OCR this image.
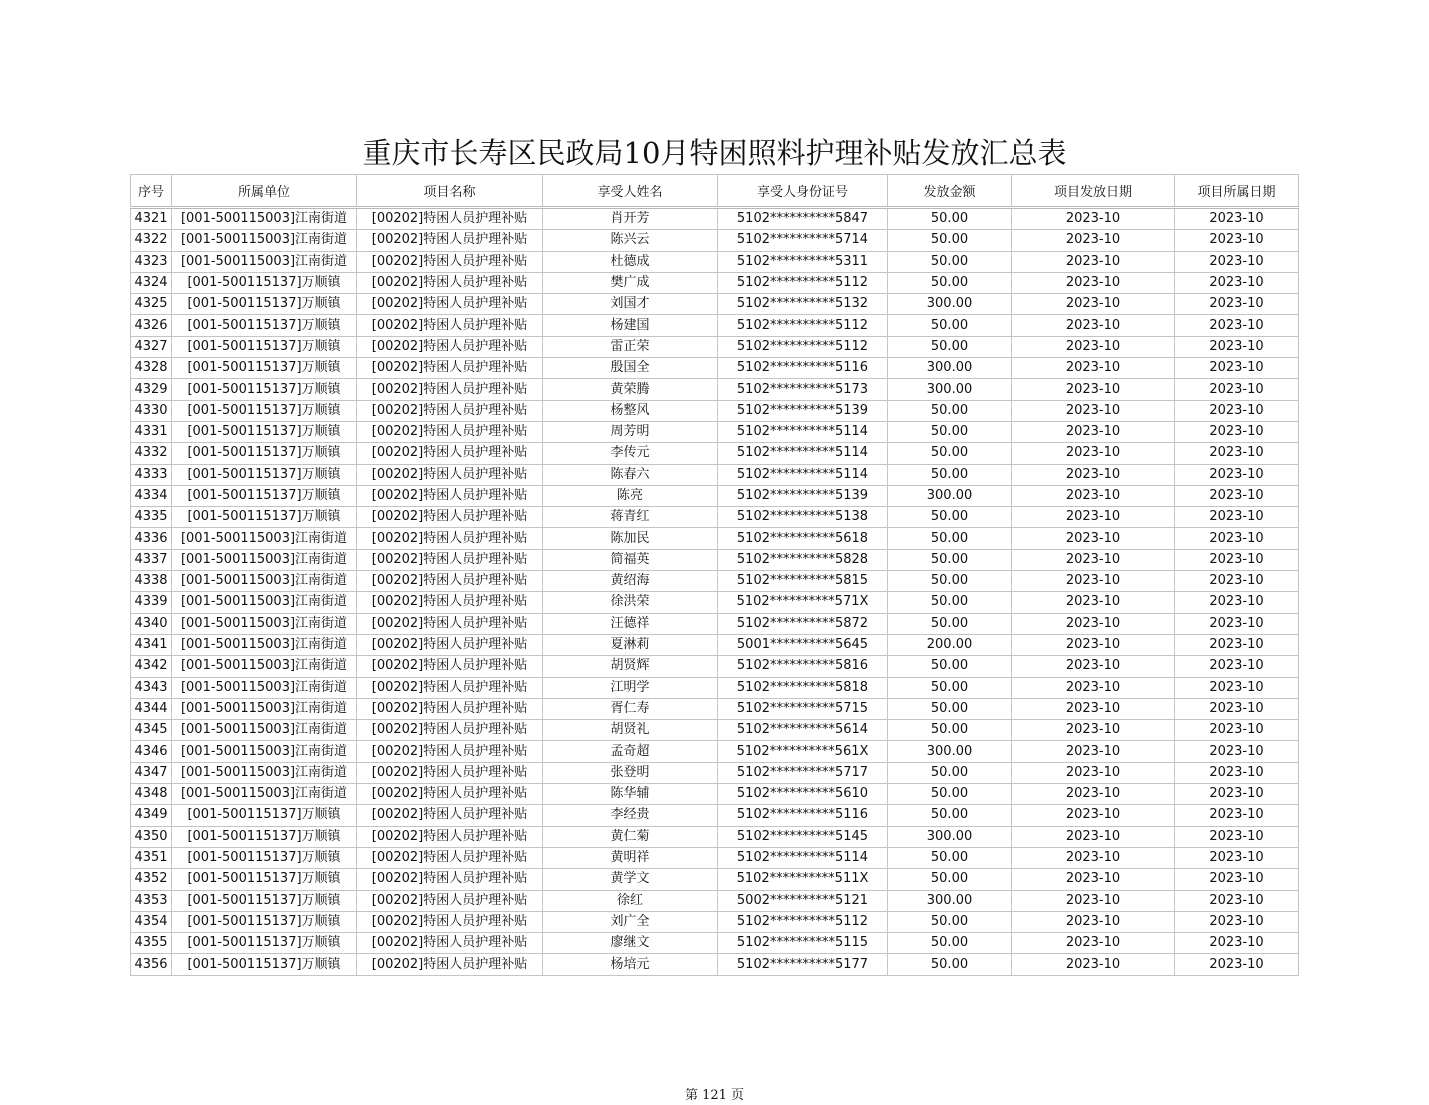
重庆市长寿区民政局10月特困照料护理补贴发放汇总表
序号	所属单位	项目名称	享受人姓名	享受人身份证号	发放金额	项目发放日期	项目所属日期
4321	[001-500115003]江南街道	[00202]特困人员护理补贴	肖开芳	5102**********5847	50.00	2023-10	2023-10
4322	[001-500115003]江南街道	[00202]特困人员护理补贴	陈兴云	5102**********5714	50.00	2023-10	2023-10
4323	[001-500115003]江南街道	[00202]特困人员护理补贴	杜德成	5102**********5311	50.00	2023-10	2023-10
4324	[001-500115137]万顺镇	[00202]特困人员护理补贴	樊广成	5102**********5112	50.00	2023-10	2023-10
4325	[001-500115137]万顺镇	[00202]特困人员护理补贴	刘国才	5102**********5132	300.00	2023-10	2023-10
4326	[001-500115137]万顺镇	[00202]特困人员护理补贴	杨建国	5102**********5112	50.00	2023-10	2023-10
4327	[001-500115137]万顺镇	[00202]特困人员护理补贴	雷正荣	5102**********5112	50.00	2023-10	2023-10
4328	[001-500115137]万顺镇	[00202]特困人员护理补贴	殷国全	5102**********5116	300.00	2023-10	2023-10
4329	[001-500115137]万顺镇	[00202]特困人员护理补贴	黄荣腾	5102**********5173	300.00	2023-10	2023-10
4330	[001-500115137]万顺镇	[00202]特困人员护理补贴	杨整风	5102**********5139	50.00	2023-10	2023-10
4331	[001-500115137]万顺镇	[00202]特困人员护理补贴	周芳明	5102**********5114	50.00	2023-10	2023-10
4332	[001-500115137]万顺镇	[00202]特困人员护理补贴	李传元	5102**********5114	50.00	2023-10	2023-10
4333	[001-500115137]万顺镇	[00202]特困人员护理补贴	陈春六	5102**********5114	50.00	2023-10	2023-10
4334	[001-500115137]万顺镇	[00202]特困人员护理补贴	陈亮	5102**********5139	300.00	2023-10	2023-10
4335	[001-500115137]万顺镇	[00202]特困人员护理补贴	蒋青红	5102**********5138	50.00	2023-10	2023-10
4336	[001-500115003]江南街道	[00202]特困人员护理补贴	陈加民	5102**********5618	50.00	2023-10	2023-10
4337	[001-500115003]江南街道	[00202]特困人员护理补贴	简福英	5102**********5828	50.00	2023-10	2023-10
4338	[001-500115003]江南街道	[00202]特困人员护理补贴	黄绍海	5102**********5815	50.00	2023-10	2023-10
4339	[001-500115003]江南街道	[00202]特困人员护理补贴	徐洪荣	5102**********571X	50.00	2023-10	2023-10
4340	[001-500115003]江南街道	[00202]特困人员护理补贴	汪德祥	5102**********5872	50.00	2023-10	2023-10
4341	[001-500115003]江南街道	[00202]特困人员护理补贴	夏淋莉	5001**********5645	200.00	2023-10	2023-10
4342	[001-500115003]江南街道	[00202]特困人员护理补贴	胡贤辉	5102**********5816	50.00	2023-10	2023-10
4343	[001-500115003]江南街道	[00202]特困人员护理补贴	江明学	5102**********5818	50.00	2023-10	2023-10
4344	[001-500115003]江南街道	[00202]特困人员护理补贴	胥仁寿	5102**********5715	50.00	2023-10	2023-10
4345	[001-500115003]江南街道	[00202]特困人员护理补贴	胡贤礼	5102**********5614	50.00	2023-10	2023-10
4346	[001-500115003]江南街道	[00202]特困人员护理补贴	孟奇超	5102**********561X	300.00	2023-10	2023-10
4347	[001-500115003]江南街道	[00202]特困人员护理补贴	张登明	5102**********5717	50.00	2023-10	2023-10
4348	[001-500115003]江南街道	[00202]特困人员护理补贴	陈华辅	5102**********5610	50.00	2023-10	2023-10
4349	[001-500115137]万顺镇	[00202]特困人员护理补贴	李经贵	5102**********5116	50.00	2023-10	2023-10
4350	[001-500115137]万顺镇	[00202]特困人员护理补贴	黄仁菊	5102**********5145	300.00	2023-10	2023-10
4351	[001-500115137]万顺镇	[00202]特困人员护理补贴	黄明祥	5102**********5114	50.00	2023-10	2023-10
4352	[001-500115137]万顺镇	[00202]特困人员护理补贴	黄学文	5102**********511X	50.00	2023-10	2023-10
4353	[001-500115137]万顺镇	[00202]特困人员护理补贴	徐红	5002**********5121	300.00	2023-10	2023-10
4354	[001-500115137]万顺镇	[00202]特困人员护理补贴	刘广全	5102**********5112	50.00	2023-10	2023-10
4355	[001-500115137]万顺镇	[00202]特困人员护理补贴	廖继文	5102**********5115	50.00	2023-10	2023-10
4356	[001-500115137]万顺镇	[00202]特困人员护理补贴	杨培元	5102**********5177	50.00	2023-10	2023-10
第 121 页
